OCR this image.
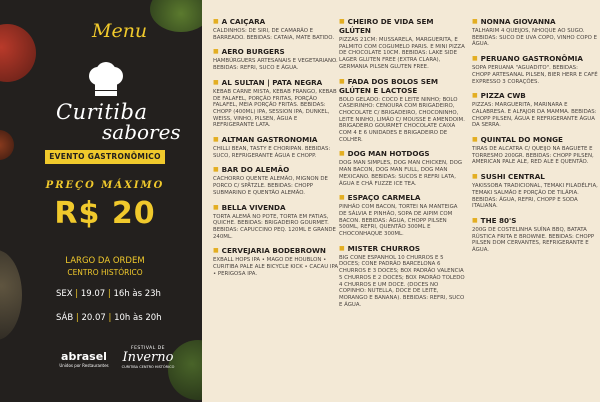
Menu
Curitiba
sabores
EVENTO GASTRONÔMICO
PREÇO MÁXIMO
R$ 20
LARGO DA ORDEM
CENTRO HISTÓRICO
SEX | 19.07 | 16h às 23h
SÁB | 20.07 | 10h às 20h
abrasel
Unidos por Restaurantes
FESTIVAL DE
Inverno
CURITIBA CENTRO HISTÓRICO
■ A CAIÇARA
CALDINHOS: DE SIRI, DE CAMARÃO E BARREADO. BEBIDAS: CATAIA, MATE BATIDO.
■ AERO BURGERS
HAMBÚRGUERS ARTESANAIS E VEGETARIANO. BEBIDAS: REFRI, SUCO E ÁGUA.
■ AL SULTAN | PATA NEGRA
KEBAB CARNE MISTA, KEBAB FRANGO, KEBAB DE FALAFEL, PORÇÃO FRITAS, PORÇÃO FALAFEL, MEIA PORÇÃO FRITAS. BEBIDAS: CHOPP (400ML) IPA, SESSION IPA, DUNKEL, WEISS, VINHO, PILSEN, ÁGUA E REFRIGERANTE LATA.
■ ALTMAN GASTRONOMIA
CHILLI BEAN, TASTY E CHORIPAN. BEBIDAS: SUCO, REFRIGERANTE ÁGUA E CHOPP.
■ BAR DO ALEMÃO
CACHORRO QUENTE ALEMÃO, MIGNON DE PORCO C/ SPÄTZLE. BEBIDAS: CHOPP SUBMARINO E QUENTÃO ALEMÃO.
■ BELLA VIVENDA
TORTA ALEMÃ NO POTE, TORTA EM FATIAS, QUICHE. BEBIDAS: BRIGADEIRO GOURMET. BEBIDAS: CAPUCCINO PEQ. 120ML E GRANDE 240ML.
■ CERVEJARIA BODEBROWN
EXBALL HOPS IPA • MAGO DE HOUBLON • CURITIBA PALE ALE BICYCLE KICK • CACAU IPA • PERIGOSA IPA.
■ CHEIRO DE VIDA SEM GLÚTEN
PIZZAS 21CM: MUSSARELA, MARGUERITA, E PALMITO COM COGUMELO PARIS. E MINI PIZZA DE CHOCOLATE 10CM. BEBIDAS: LAKE SIDE LAGER GLUTEN FREE (EXTRA CLARA), GERMANIA PILSEN GLUTEN FREE.
■ FADA DOS BOLOS SEM GLÚTEN E LACTOSE
BOLO GELADO: COCO E LEITE NINHO; BOLO CASEIRINHO: CENOURA COM BRIGADEIRO, CHOCOLATE C/ BRIGADEIRO, CHOCONINHO, LEITE NINHO, LIMÃO C/ MOUSSE E AMENDOIM. BRIGADEIRO GOURMET CHOCOLATE CAIXA COM 4 E 6 UNIDADES E BRIGADEIRO DE COLHER.
■ DOG MAN HOTDOGS
DOG MAN SIMPLES, DOG MAN CHICKEN, DOG MAN BACON, DOG MAN FULL, DOG MAN MEXICANO. BEBIDAS: SUCOS E REFRI LATA, ÁGUA E CHÁ FUZZE ICE TEA.
■ ESPAÇO CARMELA
PINHÃO COM BACON, TORTEI NA MANTEIGA DE SÁLVIA E PINHÃO, SOPA DE AIPIM COM BACON. BEBIDAS: ÁGUA, CHOPP PILSEN 500ML, REFRI, QUENTÃO 300ML E CHOCONHAQUE 300ML.
■ MISTER CHURROS
BIG CONE ESPANHOL 10 CHURROS E 5 DOCES; CONE PADRÃO BARCELONA 6 CHURROS E 3 DOCES; BOX PADRÃO VALENCIA 5 CHURROS E 2 DOCES; BOX PADRÃO TOLEDO 4 CHURROS E UM DOCE. (DOCES NO COPINHO: NUTELLA, DOCE DE LEITE, MORANGO E BANANA). BEBIDAS: REFRI, SUCO E ÁGUA.
■ NONNA GIOVANNA
TALHARIM 4 QUEIJOS, NHOQUE AO SUGO. BEBIDAS: SUCO DE UVA COPO, VINHO COPO E ÁGUA.
■ PERUANO GASTRONÔMIA
SOPA PERUANA "AGUADITO". BEBIDAS: CHOPP ARTESANAL PILSEN, BIER HERR E CAFÉ EXPRESSO 3 CORAÇÕES.
■ PIZZA CWB
PIZZAS: MARGUERITA, MARINARA E CALABRESA. E ALFAJOR DA MAMMA. BEBIDAS: CHOPP PILSEN, ÁGUA E REFRIGERANTE ÁGUA DA SERRA.
■ QUINTAL DO MONGE
TIRAS DE ALCATRA C/ QUEIJO NA BAGUETE E TORRESMO 200GR. BEBIDAS: CHOPP PILSEN, AMERICAN PALE ALE, RED ALE E QUENTÃO.
■ SUSHI CENTRAL
YAKISSOBA TRADICIONAL, TEMAKI FILADÉLFIA, TEMAKI SALMÃO E PORÇÃO DE TILÁPIA. BEBIDAS: ÁGUA, REFRI, CHOPP E SODA ITALIANA.
■ THE 80'S
200G DE COSTELINHA SUÍNA BBQ, BATATA RÚSTICA FRITA E BROWNIE. BEBIDAS: CHOPP PILSEN DOM CERVANTES, REFRIGERANTE E ÁGUA.
